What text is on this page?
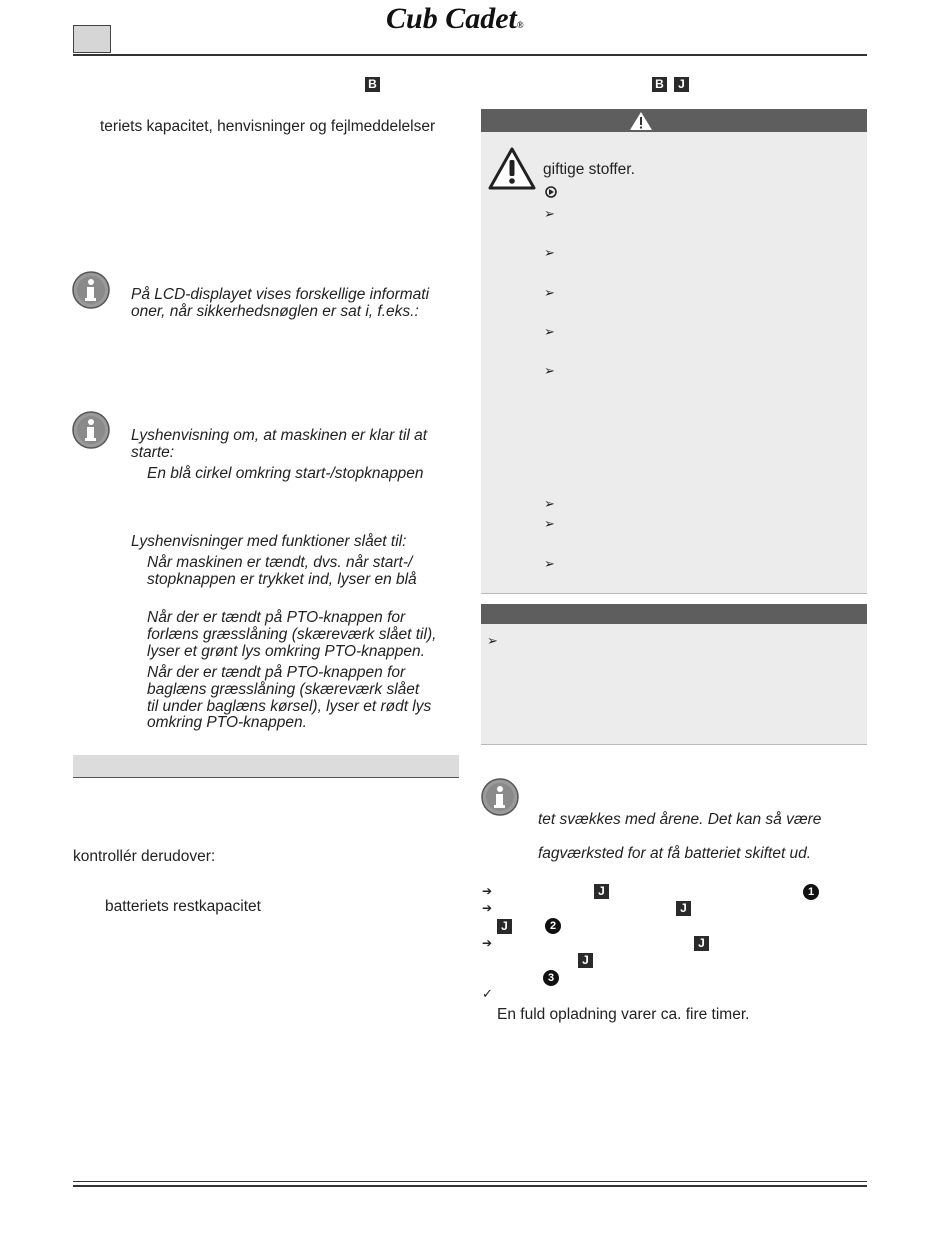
Cub Cadet®
B
teriets kapacitet, henvisninger og fejlmeddelelser
På LCD-displayet vises forskellige informati
oner, når sikkerhedsnøglen er sat i, f.eks.:
Lyshenvisning om, at maskinen er klar til at
starte:
En blå cirkel omkring start-/stopknappen
Lyshenvisninger med funktioner slået til:
Når maskinen er tændt, dvs. når start-/
stopknappen er trykket ind, lyser en blå
Når der er tændt på PTO-knappen for
forlæns græsslåning (skæreværk slået til),
lyser et grønt lys omkring PTO-knappen.
Når der er tændt på PTO-knappen for
baglæns græsslåning (skæreværk slået
til under baglæns kørsel), lyser et rødt lys
omkring PTO-knappen.
kontrollér derudover:
batteriets restkapacitet
B	J
giftige stoffer.
➢
➢
➢
➢
➢
➢
➢
➢
➢
tet svækkes med årene. Det kan så være
fagværksted for at få batteriet skiftet ud.
➔	J	1
➔	J
J	2
➔	J
J
3
✓
En fuld opladning varer ca. fire timer.
